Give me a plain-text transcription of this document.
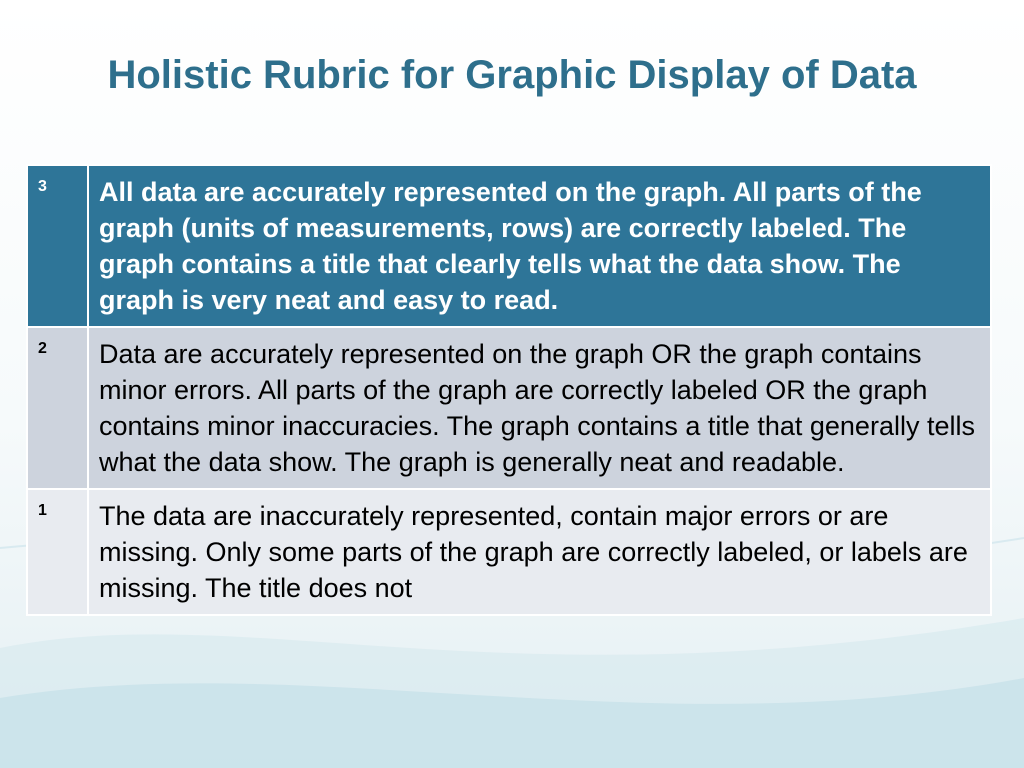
Holistic Rubric for Graphic Display of Data
3	All data are accurately represented on the graph. All parts of the graph (units of measurements, rows) are correctly labeled. The graph contains a title that clearly tells what the data show. The graph is very neat and easy to read.
2	Data are accurately represented on the graph OR the graph contains minor errors. All parts of the graph are correctly labeled OR the graph contains minor inaccuracies. The graph contains a title that generally tells what the data show. The graph is generally neat and readable.
1	The data are inaccurately represented, contain major errors or are missing. Only some parts of the graph are correctly labeled, or labels are missing. The title does not
